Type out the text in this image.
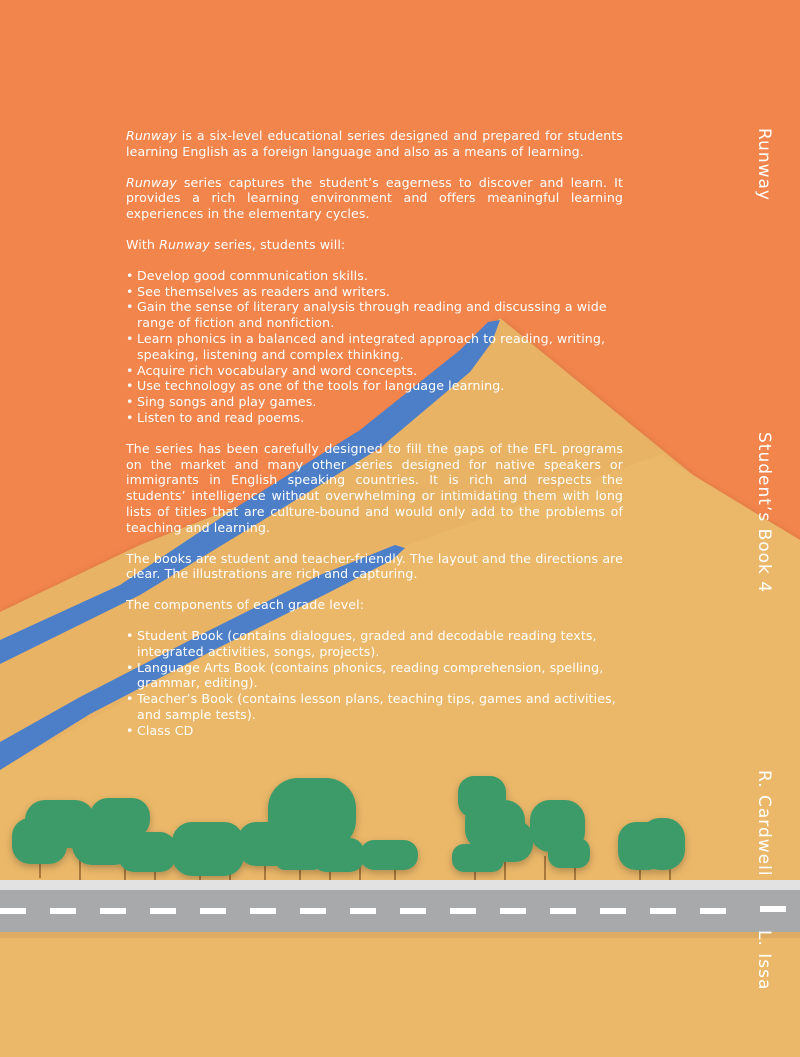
Runway is a six-level educational series designed and prepared for students learning English as a foreign language and also as a means of learning.

Runway series captures the student’s eagerness to discover and learn. It provides a rich learning environment and offers meaningful learning experiences in the elementary cycles.

With Runway series, students will:

• Develop good communication skills.
• See themselves as readers and writers.
• Gain the sense of literary analysis through reading and discussing a wide range of fiction and nonfiction.
• Learn phonics in a balanced and integrated approach to reading, writing, speaking, listening and complex thinking.
• Acquire rich vocabulary and word concepts.
• Use technology as one of the tools for language learning.
• Sing songs and play games.
• Listen to and read poems.

The series has been carefully designed to fill the gaps of the EFL programs on the market and many other series designed for native speakers or immigrants in English speaking countries. It is rich and respects the students’ intelligence without overwhelming or intimidating them with long lists of titles that are culture-bound and would only add to the problems of teaching and learning.

The books are student and teacher-friendly. The layout and the directions are clear. The illustrations are rich and capturing.

The components of each grade level:

• Student Book (contains dialogues, graded and decodable reading texts, integrated activities, songs, projects).
• Language Arts Book (contains phonics, reading comprehension, spelling, grammar, editing).
• Teacher’s Book (contains lesson plans, teaching tips, games and activities, and sample tests).
• Class CD
Runway
Student’s Book 4
R. Cardwell
L. Issa
